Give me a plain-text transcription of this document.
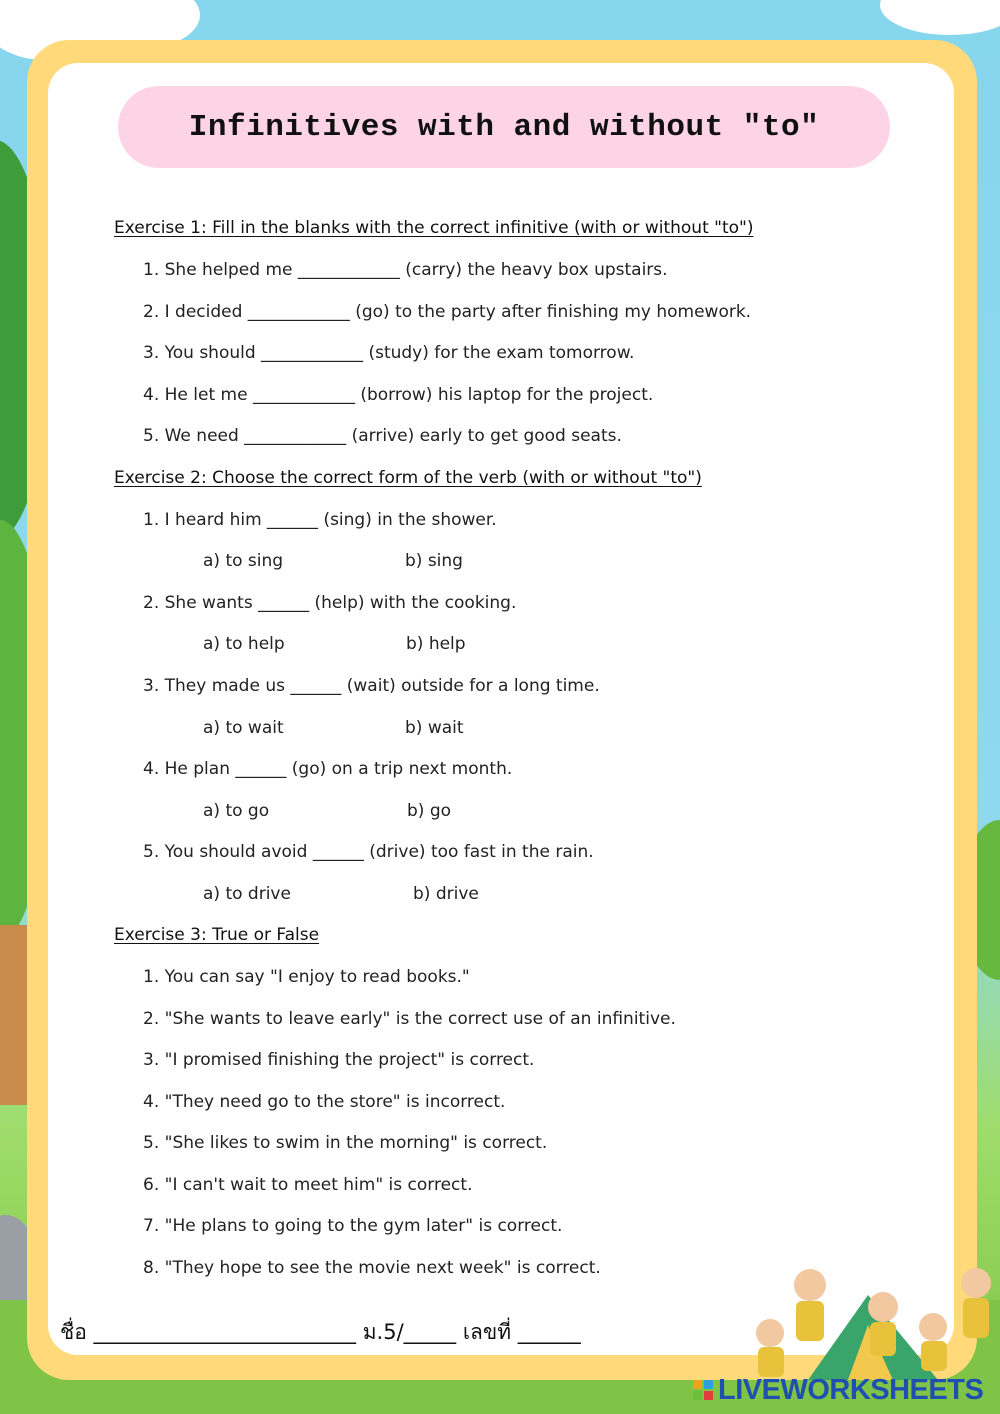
Infinitives with and without "to"
Exercise 1: Fill in the blanks with the correct infinitive (with or without "to")
1. She helped me ____________ (carry) the heavy box upstairs.
2. I decided ____________ (go) to the party after finishing my homework.
3. You should ____________ (study) for the exam tomorrow.
4. He let me ____________ (borrow) his laptop for the project.
5. We need ____________ (arrive) early to get good seats.
Exercise 2: Choose the correct form of the verb (with or without "to")
1. I heard him ______ (sing) in the shower.
a) to sing	b) sing
2. She wants ______ (help) with the cooking.
a) to help	b) help
3. They made us ______ (wait) outside for a long time.
a) to wait	b) wait
4. He plan ______ (go) on a trip next month.
a) to go	b) go
5. You should avoid ______ (drive) too fast in the rain.
a) to drive	b) drive
Exercise 3: True or False
1. You can say "I enjoy to read books."
2. "She wants to leave early" is the correct use of an infinitive.
3. "I promised finishing the project" is correct.
4. "They need go to the store" is incorrect.
5. "She likes to swim in the morning" is correct.
6. "I can't wait to meet him" is correct.
7. "He plans to going to the gym later" is correct.
8. "They hope to see the movie next week" is correct.
ชื่อ _________________________ ม.5/_____ เลขที่ ______
LIVEWORKSHEETS
